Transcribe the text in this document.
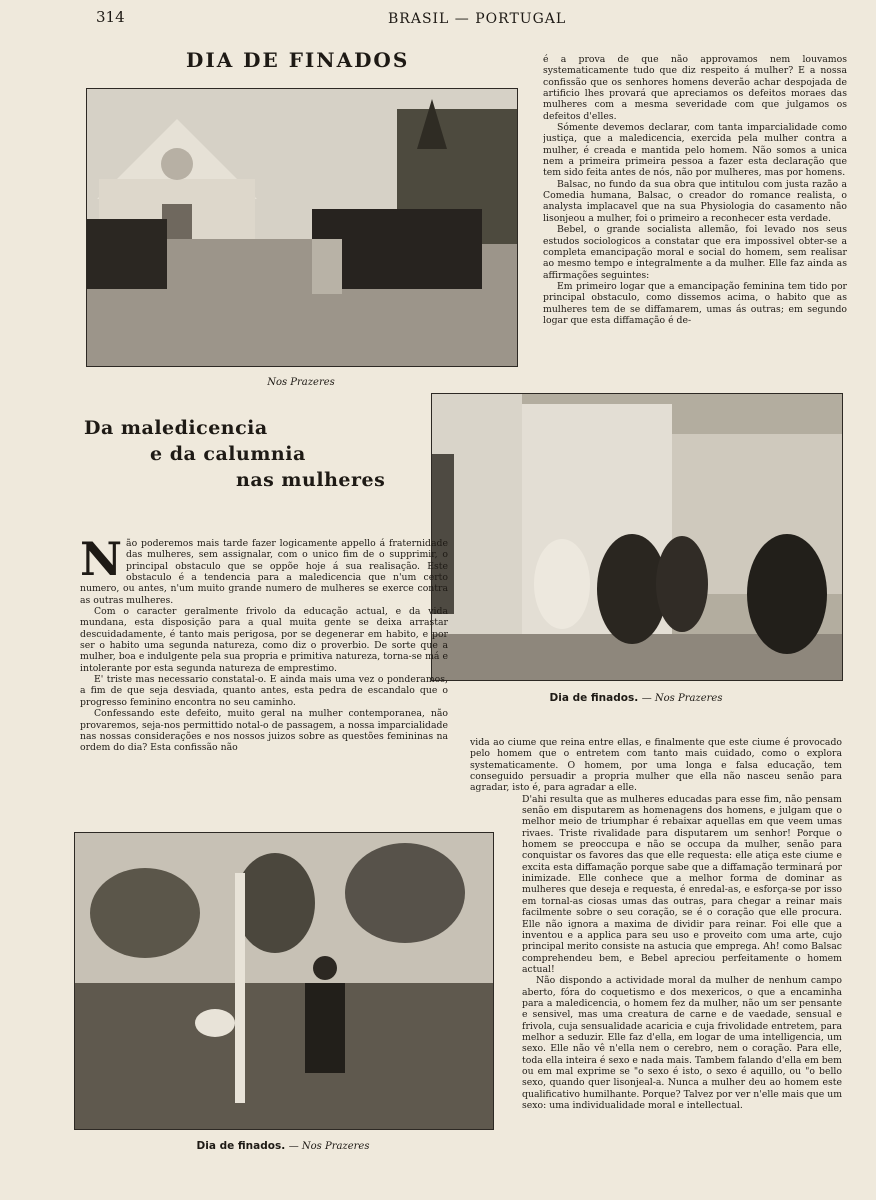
314	BRASIL — PORTUGAL
DIA DE FINADOS
Nos Prazeres

é a prova de que não approvamos nem louvamos systematicamente tudo que diz respeito á mulher? E a nossa confissão que os senhores homens deverão achar despojada de artificio lhes provará que apreciamos os defeitos moraes das mulheres com a mesma severidade com que julgamos os defeitos d'elles.

Sómente devemos declarar, com tanta imparcialidade como justiça, que a maledicencia, exercida pela mulher contra a mulher, é creada e mantida pelo homem. Não somos a unica nem a primeira primeira pessoa a fazer esta declaração que tem sido feita antes de nós, não por mulheres, mas por homens.

Balsac, no fundo da sua obra que intitulou com justa razão a Comedia humana, Balsac, o creador do romance realista, o analysta implacavel que na sua Physiologia do casamento não lisonjeou a mulher, foi o primeiro a reconhecer esta verdade.

Bebel, o grande socialista allemão, foi levado nos seus estudos sociologicos a constatar que era impossivel obter-se a completa emancipação moral e social do homem, sem realisar ao mesmo tempo e integralmente a da mulher. Elle faz ainda as affirmações seguintes:

Em primeiro logar que a emancipação feminina tem tido por principal obstaculo, como dissemos acima, o habito que as mulheres tem de se diffamarem, umas ás outras; em segundo logar que esta diffamação é de-

Da maledicencia
e da calumnia
nas mulheres
Dia de finados. — Nos Prazeres
N ão poderemos mais tarde fazer logicamente appello á fraternidade das mulheres, sem assignalar, com o unico fim de o supprimir, o principal obstaculo que se oppõe hoje á sua realisação. Este obstaculo é a tendencia para a maledicencia que n'um certo numero, ou antes, n'um muito grande numero de mulheres se exerce contra as outras mulheres.

Com o caracter geralmente frivolo da educação actual, e da vida mundana, esta disposição para a qual muita gente se deixa arrastar descuidadamente, é tanto mais perigosa, por se degenerar em habito, e por ser o habito uma segunda natureza, como diz o proverbio. De sorte que a mulher, boa e indulgente pela sua propria e primitiva natureza, torna-se má e intolerante por esta segunda natureza de emprestimo.

E' triste mas necessario constatal-o. E ainda mais uma vez o ponderamos, a fim de que seja desviada, quanto antes, esta pedra de escandalo que o progresso feminino encontra no seu caminho.

Confessando este defeito, muito geral na mulher contemporanea, não provaremos, seja-nos permittido notal-o de passagem, a nossa imparcialidade nas nossas considerações e nos nossos juizos sobre as questões femininas na ordem do dia? Esta confissão não

Dia de finados. — Nos Prazeres

vida ao ciume que reina entre ellas, e finalmente que este ciume é provocado pelo homem que o entretem com tanto mais cuidado, como o explora systematicamente. O homem, por uma longa e falsa educação, tem conseguido persuadir a propria mulher que ella não nasceu senão para agradar, isto é, para agradar a elle.

D'ahi resulta que as mulheres educadas para esse fim, não pensam senão em disputarem as homenagens dos homens, e julgam que o melhor meio de triumphar é rebaixar aquellas em que veem umas rivaes. Triste rivalidade para disputarem um senhor! Porque o homem se preoccupa e não se occupa da mulher, senão para conquistar os favores das que elle requesta: elle atiça este ciume e excita esta diffamação porque sabe que a diffamação terminará por inimizade. Elle conhece que a melhor forma de dominar as mulheres que deseja e requesta, é enredal-as, e esforça-se por isso em tornal-as ciosas umas das outras, para chegar a reinar mais facilmente sobre o seu coração, se é o coração que elle procura. Elle não ignora a maxima de dividir para reinar. Foi elle que a inventou e a applica para seu uso e proveito com uma arte, cujo principal merito consiste na astucia que emprega. Ah! como Balsac comprehendeu bem, e Bebel apreciou perfeitamente o homem actual!

Não dispondo a actividade moral da mulher de nenhum campo aberto, fóra do coquetismo e dos mexericos, o que a encaminha para a maledicencia, o homem fez da mulher, não um ser pensante e sensivel, mas uma creatura de carne e de vaedade, sensual e frivola, cuja sensualidade acaricia e cuja frivolidade entretem, para melhor a seduzir. Elle faz d'ella, em logar de uma intelligencia, um sexo. Elle não vê n'ella nem o cerebro, nem o coração. Para elle, toda ella inteira é sexo e nada mais. Tambem falando d'ella em bem ou em mal exprime se "o sexo é isto, o sexo é aquillo, ou "o bello sexo, quando quer lisonjeal-a. Nunca a mulher deu ao homem este qualificativo humilhante. Porque? Talvez por ver n'elle mais que um sexo: uma individualidade moral e intellectual.
